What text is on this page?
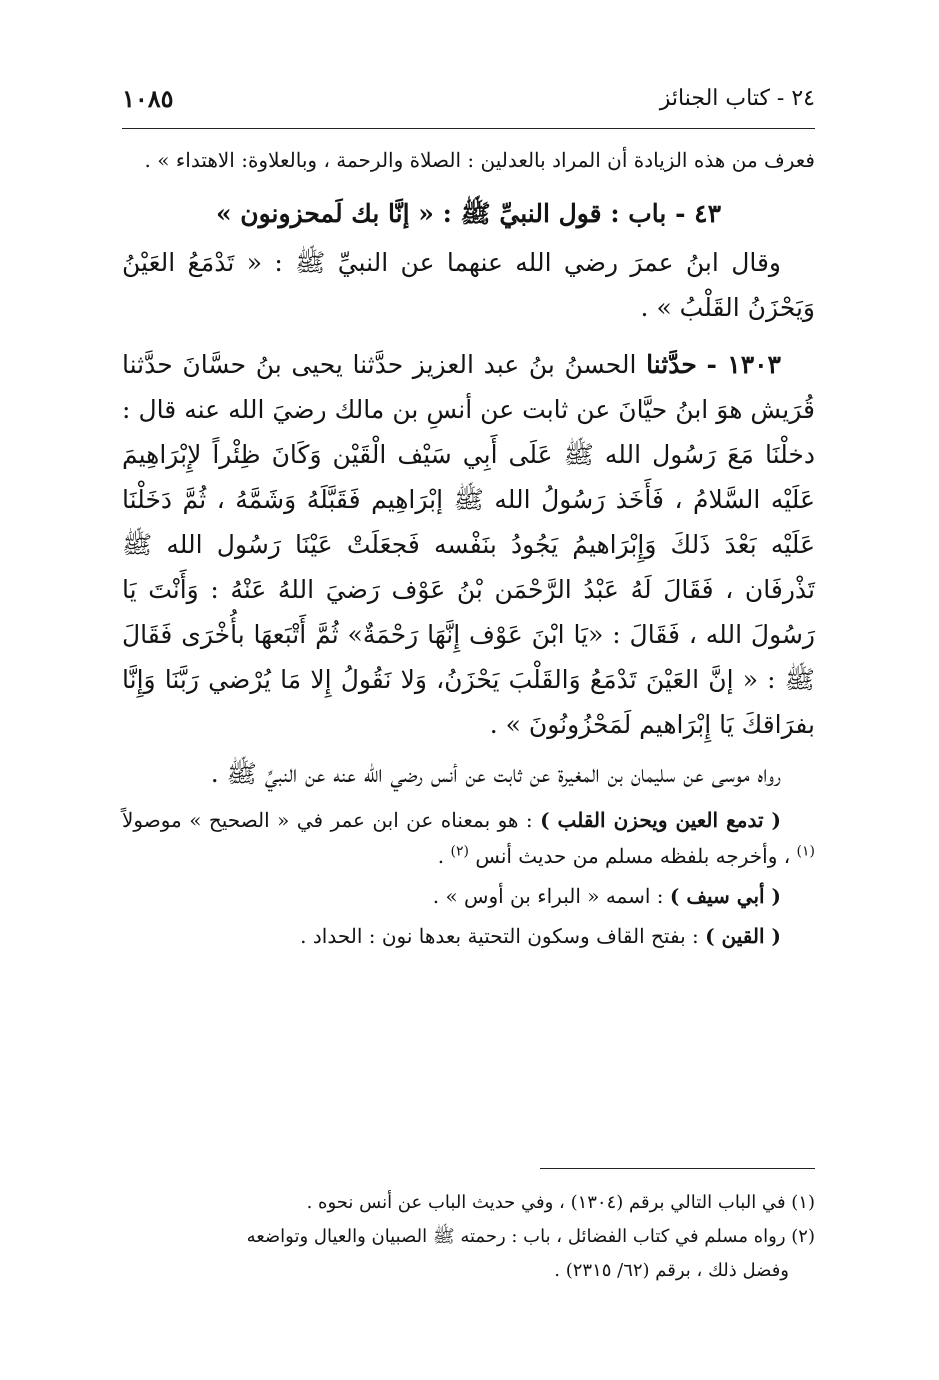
٢٤ - كتاب الجنائز
١٠٨٥

فعرف من هذه الزيادة أن المراد بالعدلين : الصلاة والرحمة ، وبالعلاوة: الاهتداء » .

٤٣ - باب : قول النبيِّ ﷺ : « إنَّا بك لَمحزونون »

وقال ابنُ عمرَ رضي الله عنهما عن النبيِّ ﷺ : « تَدْمَعُ العَيْنُ وَيَحْزَنُ القَلْبُ » .

١٣٠٣ - حدَّثنا الحسنُ بنُ عبد العزيز حدَّثنا يحيى بنُ حسَّانَ حدَّثنا قُرَيش هوَ ابنُ حيَّانَ عن ثابت عن أنسِ بن مالك رضيَ الله عنه قال : دخلْنَا مَعَ رَسُول الله ﷺ عَلَى أَبِي سَيْف الْقَيْن وَكَانَ ظِئْراً لإِبْرَاهِيمَ عَلَيْه السَّلامُ ، فَأَخَذ رَسُولُ الله ﷺ إبْرَاهِيم فَقَبَّلَهُ وَشَمَّهُ ، ثُمَّ دَخَلْنَا عَلَيْه بَعْدَ ذَلكَ وَإِبْرَاهيمُ يَجُودُ بنَفْسه فَجعَلَتْ عَيْنَا رَسُول الله ﷺ تَذْرفَان ، فَقَالَ لَهُ عَبْدُ الرَّحْمَن بْنُ عَوْف رَضيَ اللهُ عَنْهُ : وَأَنْتَ يَا رَسُولَ الله ، فَقَالَ : «يَا ابْنَ عَوْف إِنَّهَا رَحْمَةٌ» ثُمَّ أَتْبَعهَا بأُخْرَى فَقَالَ ﷺ : « إنَّ العَيْنَ تَدْمَعُ وَالقَلْبَ يَحْزَنُ، وَلا نَقُولُ إِلا مَا يُرْضي رَبَّنَا وَإِنَّا بفرَاقكَ يَا إِبْرَاهيم لَمَحْزُونُونَ » .

رواه موسى عن سليمان بن المغيرة عن ثابت عن أنس رضي الله عنه عن النبيِّ ﷺ .

( تدمع العين ويحزن القلب ) : هو بمعناه عن ابن عمر في « الصحيح » موصولاً $^{(١)}$ ، وأخرجه بلفظه مسلم من حديث أنس $^{(٢)}$ .

( أبي سيف ) : اسمه « البراء بن أوس » .

( القين ) : بفتح القاف وسكون التحتية بعدها نون : الحداد .

(١) في الباب التالي برقم (١٣٠٤) ، وفي حديث الباب عن أنس نحوه .

(٢) رواه مسلم في كتاب الفضائل ، باب : رحمته ﷺ الصبيان والعيال وتواضعه

وفضل ذلك ، برقم (٦٢/ ٢٣١٥) .
